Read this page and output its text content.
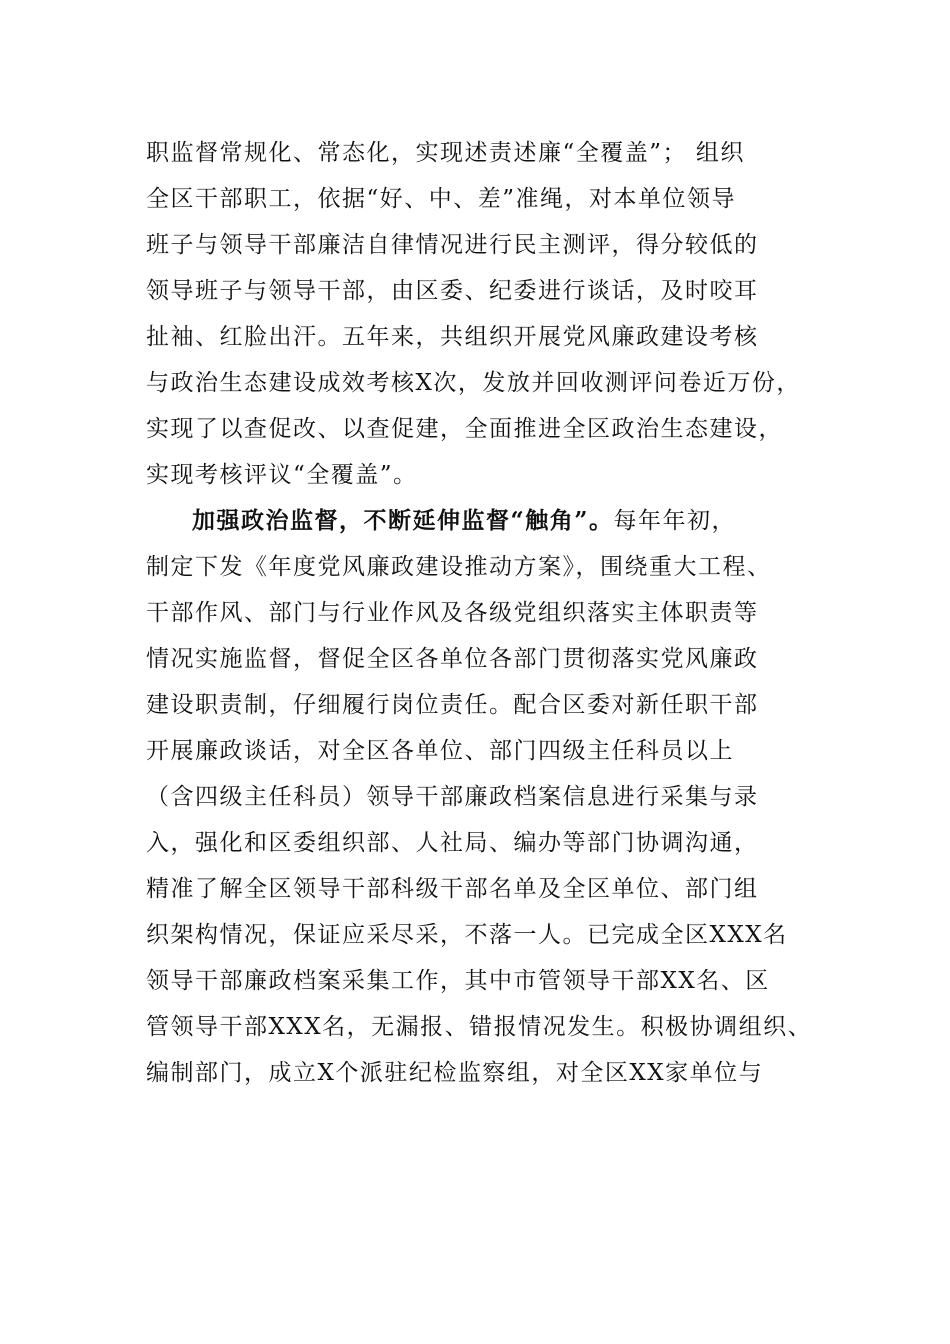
职监督常规化、常态化，实现述责述廉“全覆盖”； 组织
全区干部职工，依据“好、中、差”准绳，对本单位领导
班子与领导干部廉洁自律情况进行民主测评，得分较低的
领导班子与领导干部，由区委、纪委进行谈话，及时咬耳
扯袖、红脸出汗。五年来，共组织开展党风廉政建设考核
与政治生态建设成效考核X次，发放并回收测评问卷近万份，
实现了以查促改、以查促建，全面推进全区政治生态建设，
实现考核评议“全覆盖”。
加强政治监督，不断延伸监督“触角”。每年年初，
制定下发《年度党风廉政建设推动方案》，围绕重大工程、
干部作风、部门与行业作风及各级党组织落实主体职责等
情况实施监督，督促全区各单位各部门贯彻落实党风廉政
建设职责制，仔细履行岗位责任。配合区委对新任职干部
开展廉政谈话，对全区各单位、部门四级主任科员以上
（含四级主任科员）领导干部廉政档案信息进行采集与录
入，强化和区委组织部、人社局、编办等部门协调沟通，
精准了解全区领导干部科级干部名单及全区单位、部门组
织架构情况，保证应采尽采，不落一人。已完成全区XXX名
领导干部廉政档案采集工作，其中市管领导干部XX名、区
管领导干部XXX名，无漏报、错报情况发生。积极协调组织、
编制部门，成立X个派驻纪检监察组，对全区XX家单位与
